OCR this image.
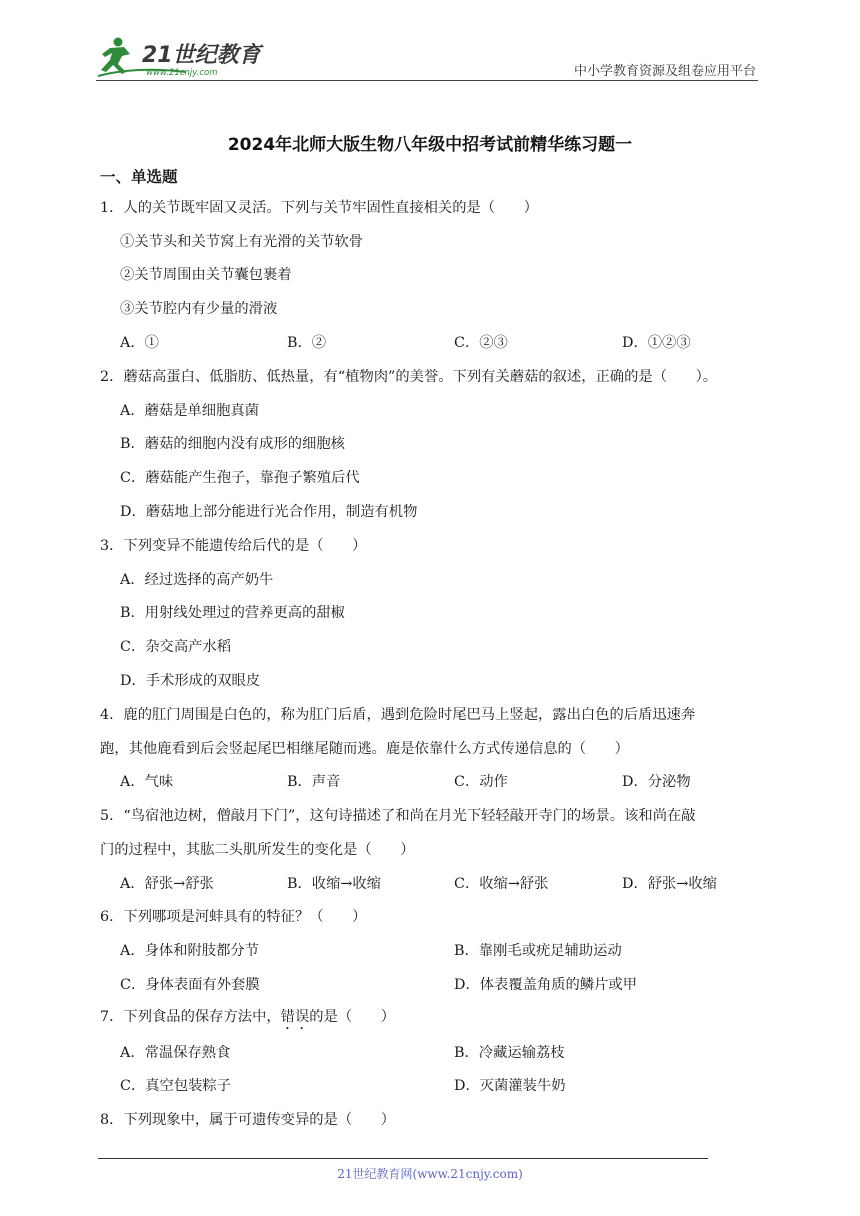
21世纪教育
www.21cnjy.com	中小学教育资源及组卷应用平台
2024年北师大版生物八年级中招考试前精华练习题一
一、单选题
1．人的关节既牢固又灵活。下列与关节牢固性直接相关的是（　　）
①关节头和关节窝上有光滑的关节软骨
②关节周围由关节囊包裹着
③关节腔内有少量的滑液
A．①	B．②	C．②③	D．①②③
2．蘑菇高蛋白、低脂肪、低热量，有“植物肉”的美誉。下列有关蘑菇的叙述，正确的是（　　）。
A．蘑菇是单细胞真菌
B．蘑菇的细胞内没有成形的细胞核
C．蘑菇能产生孢子，靠孢子繁殖后代
D．蘑菇地上部分能进行光合作用，制造有机物
3．下列变异不能遗传给后代的是（　　）
A．经过选择的高产奶牛
B．用射线处理过的营养更高的甜椒
C．杂交高产水稻
D．手术形成的双眼皮
4．鹿的肛门周围是白色的，称为肛门后盾，遇到危险时尾巴马上竖起，露出白色的后盾迅速奔
跑，其他鹿看到后会竖起尾巴相继尾随而逃。鹿是依靠什么方式传递信息的（　　）
A．气味	B．声音	C．动作	D．分泌物
5．“鸟宿池边树，僧敲月下门”，这句诗描述了和尚在月光下轻轻敲开寺门的场景。该和尚在敲
门的过程中，其肱二头肌所发生的变化是（　　）
A．舒张→舒张	B．收缩→收缩	C．收缩→舒张	D．舒张→收缩
6．下列哪项是河蚌具有的特征？（　　）
A．身体和附肢都分节	B．靠刚毛或疣足辅助运动
C．身体表面有外套膜	D．体表覆盖角质的鳞片或甲
7．下列食品的保存方法中，错误的是（　　）
A．常温保存熟食	B．冷藏运输荔枝
C．真空包装粽子	D．灭菌灌装牛奶
8．下列现象中，属于可遗传变异的是（　　）
21世纪教育网(www.21cnjy.com)
